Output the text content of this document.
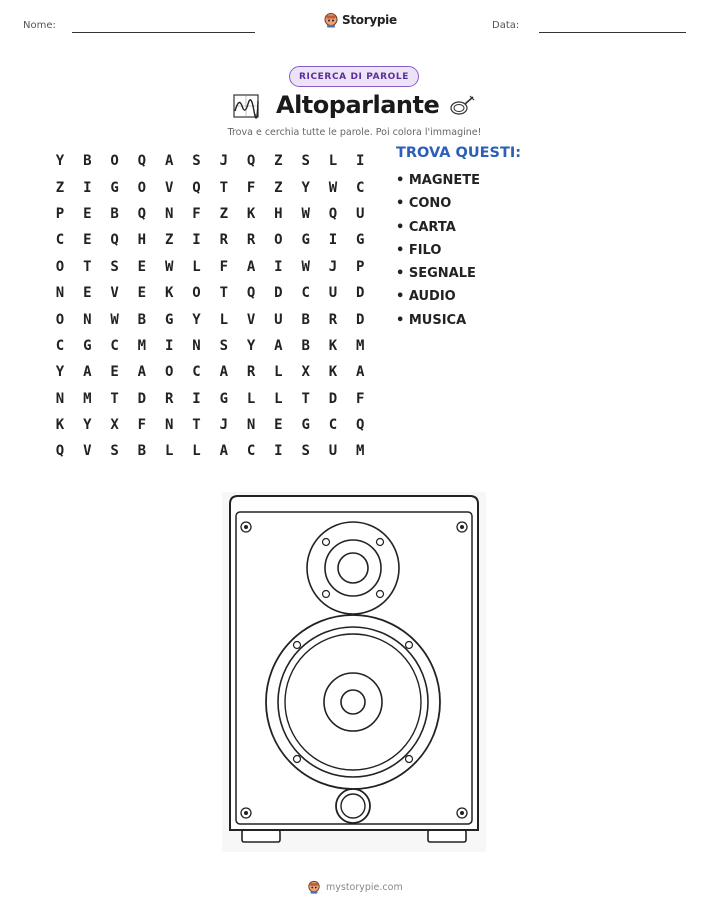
Nome:	Storypie	Data:
RICERCA DI PAROLE
Altoparlante
Trova e cerchia tutte le parole. Poi colora l'immagine!
Y	B	O	Q	A	S	J	Q	Z	S	L	I
Z	I	G	O	V	Q	T	F	Z	Y	W	C
P	E	B	Q	N	F	Z	K	H	W	Q	U
C	E	Q	H	Z	I	R	R	O	G	I	G
O	T	S	E	W	L	F	A	I	W	J	P
N	E	V	E	K	O	T	Q	D	C	U	D
O	N	W	B	G	Y	L	V	U	B	R	D
C	G	C	M	I	N	S	Y	A	B	K	M
Y	A	E	A	O	C	A	R	L	X	K	A
N	M	T	D	R	I	G	L	L	T	D	F
K	Y	X	F	N	T	J	N	E	G	C	Q
Q	V	S	B	L	L	A	C	I	S	U	M
TROVA QUESTI:
• MAGNETE
• CONO
• CARTA
• FILO
• SEGNALE
• AUDIO
• MUSICA
mystorypie.com
